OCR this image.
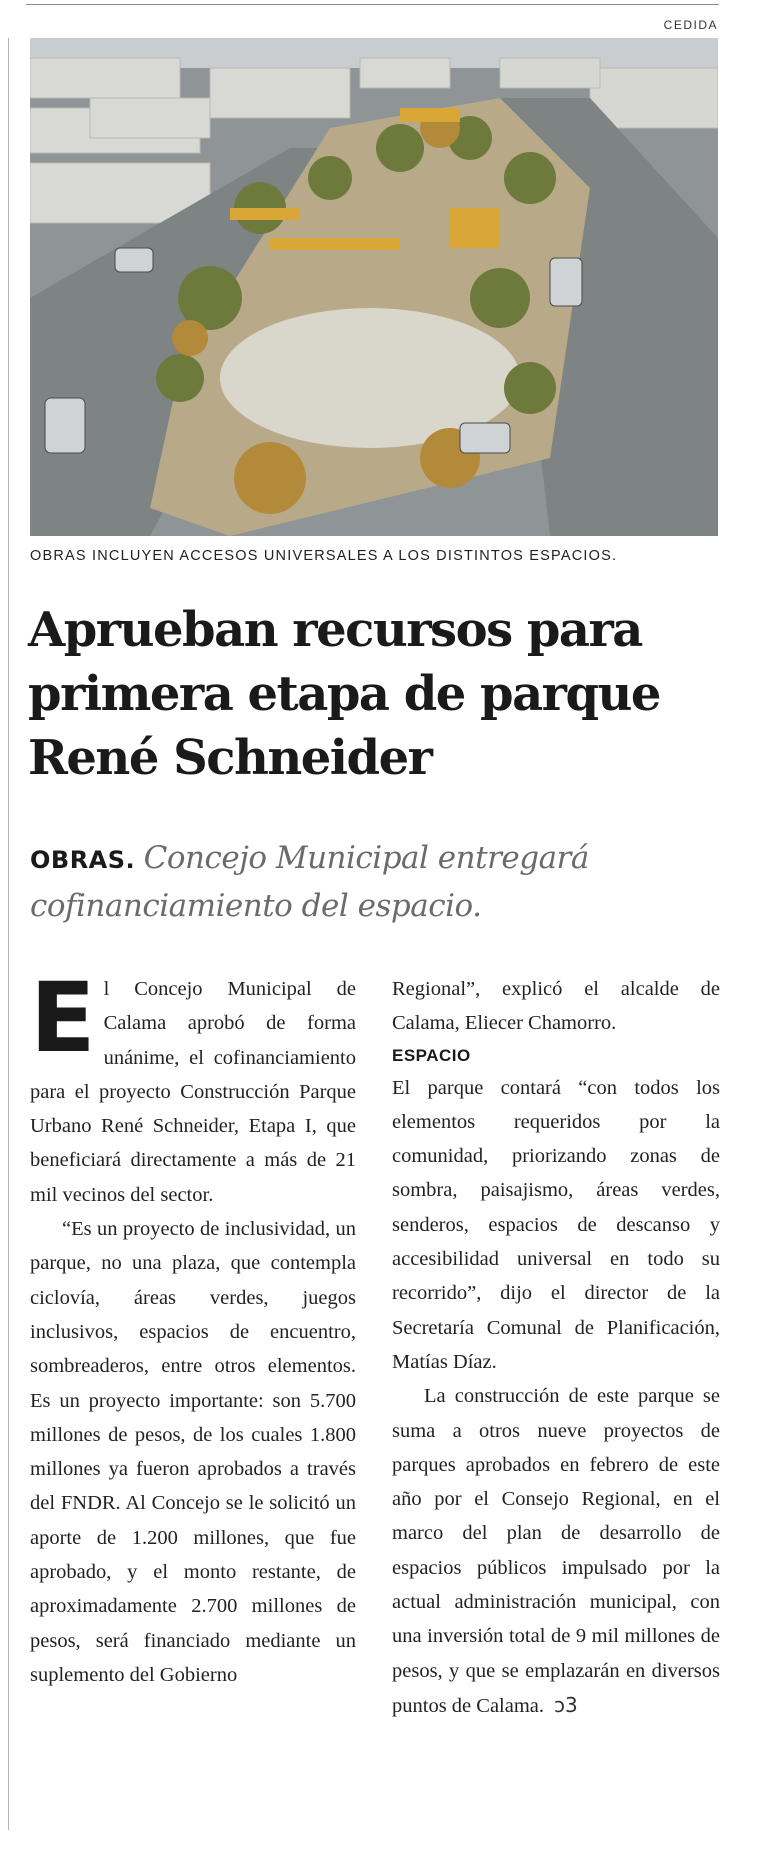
CEDIDA
OBRAS INCLUYEN ACCESOS UNIVERSALES A LOS DISTINTOS ESPACIOS.
Aprueban recursos para primera etapa de parque René Schneider
OBRAS. Concejo Municipal entregará cofinanciamiento del espacio.

El Concejo Municipal de Calama aprobó de forma unánime, el cofinanciamiento para el proyecto Construcción Parque Urbano René Schneider, Etapa I, que beneficiará directamente a más de 21 mil vecinos del sector.

“Es un proyecto de inclusividad, un parque, no una plaza, que contempla ciclovía, áreas verdes, juegos inclusivos, espacios de encuentro, sombreaderos, entre otros elementos. Es un proyecto importante: son 5.700 millones de pesos, de los cuales 1.800 millones ya fueron aprobados a través del FNDR. Al Concejo se le solicitó un aporte de 1.200 millones, que fue aprobado, y el monto restante, de aproximadamente 2.700 millones de pesos, será financiado mediante un suplemento del Gobierno

Regional”, explicó el alcalde de Calama, Eliecer Chamorro.

ESPACIO

El parque contará “con todos los elementos requeridos por la comunidad, priorizando zonas de sombra, paisajismo, áreas verdes, senderos, espacios de descanso y accesibilidad universal en todo su recorrido”, dijo el director de la Secretaría Comunal de Planificación, Matías Díaz.

La construcción de este parque se suma a otros nueve proyectos de parques aprobados en febrero de este año por el Consejo Regional, en el marco del plan de desarrollo de espacios públicos impulsado por la actual administración municipal, con una inversión total de 9 mil millones de pesos, y que se emplazarán en diversos puntos de Calama. ↄ3
